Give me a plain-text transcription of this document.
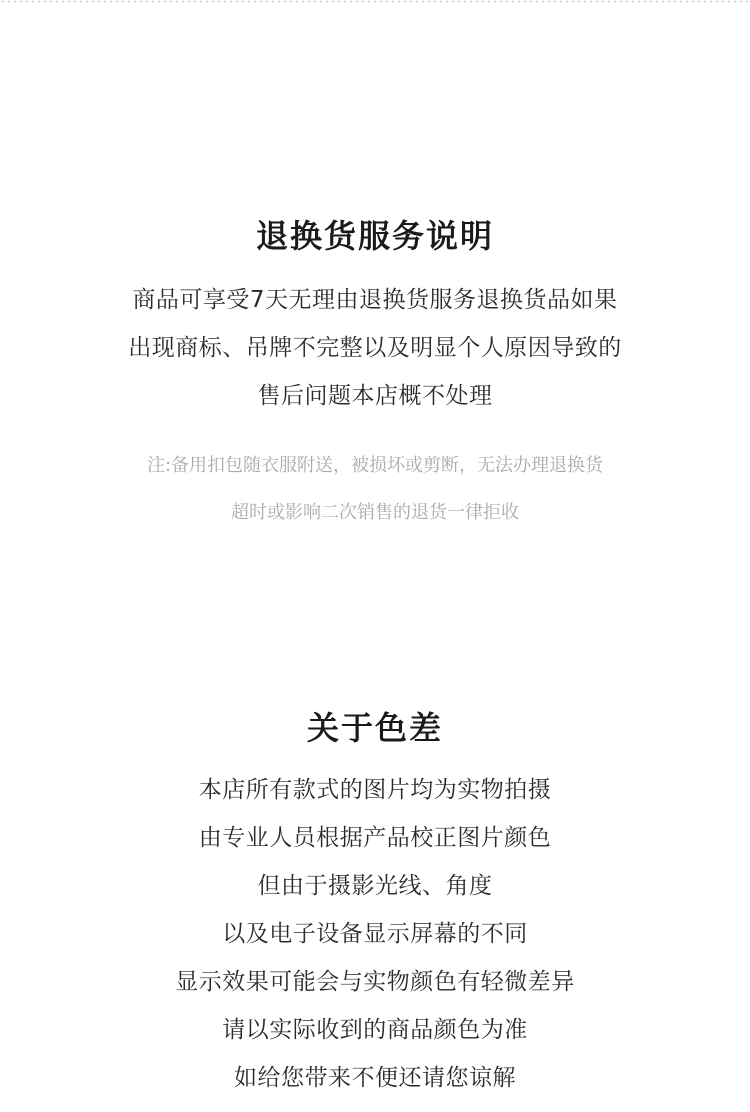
退换货服务说明
商品可享受7天无理由退换货服务退换货品如果
出现商标、吊牌不完整以及明显个人原因导致的
售后问题本店概不处理
注:备用扣包随衣服附送，被损坏或剪断，无法办理退换货
超时或影响二次销售的退货一律拒收
关于色差
本店所有款式的图片均为实物拍摄
由专业人员根据产品校正图片颜色
但由于摄影光线、角度
以及电子设备显示屏幕的不同
显示效果可能会与实物颜色有轻微差异
请以实际收到的商品颜色为准
如给您带来不便还请您谅解
